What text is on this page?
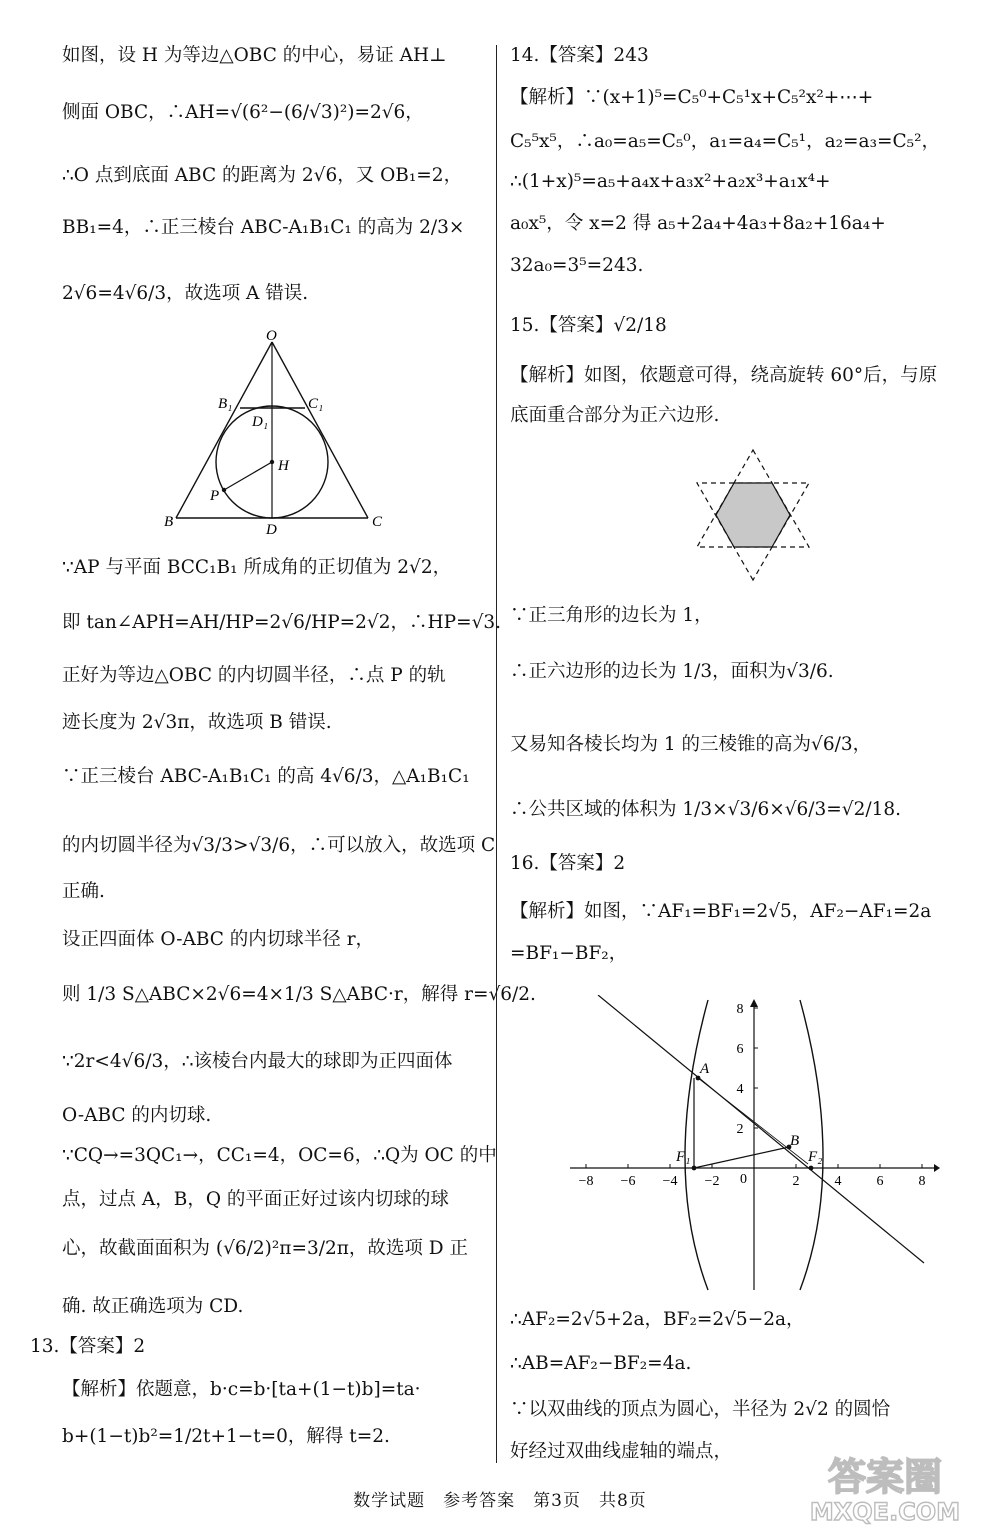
如图，设 H 为等边△OBC 的中心，易证 AH⊥
侧面 OBC，∴AH=√(6²−(6/√3)²)=2√6，
∴O 点到底面 ABC 的距离为 2√6，又 OB₁=2，
BB₁=4，∴正三棱台 ABC-A₁B₁C₁ 的高为 2/3×
2√6=4√6/3，故选项 A 错误.
∵AP 与平面 BCC₁B₁ 所成角的正切值为 2√2，
即 tan∠APH=AH/HP=2√6/HP=2√2，∴HP=√3.
正好为等边△OBC 的内切圆半径，∴点 P 的轨
迹长度为 2√3π，故选项 B 错误.
∵正三棱台 ABC-A₁B₁C₁ 的高 4√6/3，△A₁B₁C₁
的内切圆半径为√3/3>√3/6，∴可以放入，故选项 C
正确.
设正四面体 O-ABC 的内切球半径 r，
则 1/3 S△ABC×2√6=4×1/3 S△ABC·r，解得 r=√6/2.
∵2r<4√6/3，∴该棱台内最大的球即为正四面体
O-ABC 的内切球.
∵CQ→=3QC₁→，CC₁=4，OC=6，∴Q为 OC 的中
点，过点 A，B，Q 的平面正好过该内切球的球
心，故截面面积为 (√6/2)²π=3/2π，故选项 D 正
确. 故正确选项为 CD.
【解析】依题意，b·c=b·[ta+(1−t)b]=ta·
b+(1−t)b²=1/2t+1−t=0，解得 t=2.
13.【答案】2
14.【答案】243
【解析】∵(x+1)⁵=C₅⁰+C₅¹x+C₅²x²+⋯+
C₅⁵x⁵，∴a₀=a₅=C₅⁰，a₁=a₄=C₅¹，a₂=a₃=C₅²，
∴(1+x)⁵=a₅+a₄x+a₃x²+a₂x³+a₁x⁴+
a₀x⁵，令 x=2 得 a₅+2a₄+4a₃+8a₂+16a₄+
32a₀=3⁵=243.
15.【答案】√2/18
【解析】如图，依题意可得，绕高旋转 60°后，与原
底面重合部分为正六边形.
∵正三角形的边长为 1，
∴正六边形的边长为 1/3，面积为√3/6.
又易知各棱长均为 1 的三棱锥的高为√6/3，
∴公共区域的体积为 1/3×√3/6×√6/3=√2/18.
16.【答案】2
【解析】如图，∵AF₁=BF₁=2√5，AF₂−AF₁=2a
=BF₁−BF₂，
∴AF₂=2√5+2a，BF₂=2√5−2a，
∴AB=AF₂−BF₂=4a.
∵以双曲线的顶点为圆心，半径为 2√2 的圆恰
好经过双曲线虚轴的端点，
O
B₁	C₁
D₁
H
P
B	D	C
−8 −6 −4 −2	2	4	6	8
8
6
4
2
A
B
F₁	F₂
0
数学试题　参考答案　第3页　共8页
答案圈
MXQE.COM
